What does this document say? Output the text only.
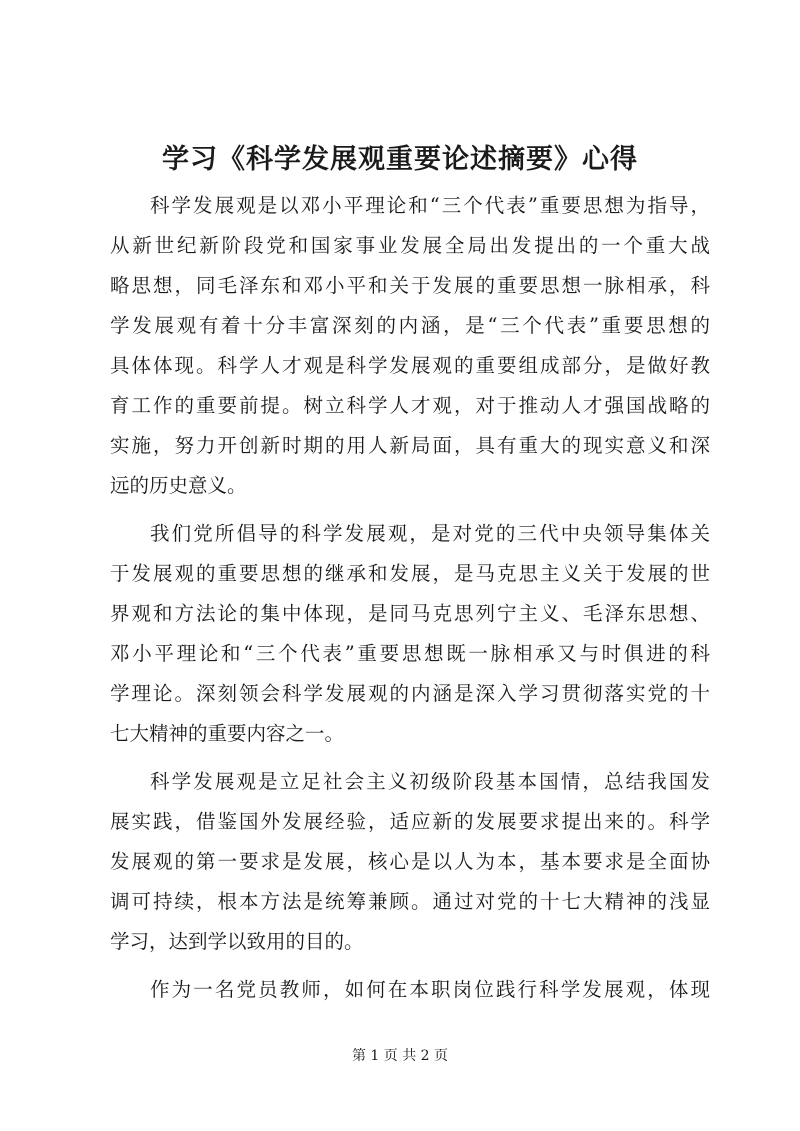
学习《科学发展观重要论述摘要》心得

科学发展观是以邓小平理论和“三个代表”重要思想为指导，
从新世纪新阶段党和国家事业发展全局出发提出的一个重大战
略思想，同毛泽东和邓小平和关于发展的重要思想一脉相承，科
学发展观有着十分丰富深刻的内涵，是“三个代表”重要思想的
具体体现。科学人才观是科学发展观的重要组成部分，是做好教
育工作的重要前提。树立科学人才观，对于推动人才强国战略的
实施，努力开创新时期的用人新局面，具有重大的现实意义和深
远的历史意义。

我们党所倡导的科学发展观，是对党的三代中央领导集体关
于发展观的重要思想的继承和发展，是马克思主义关于发展的世
界观和方法论的集中体现，是同马克思列宁主义、毛泽东思想、
邓小平理论和“三个代表”重要思想既一脉相承又与时俱进的科
学理论。深刻领会科学发展观的内涵是深入学习贯彻落实党的十
七大精神的重要内容之一。

科学发展观是立足社会主义初级阶段基本国情，总结我国发
展实践，借鉴国外发展经验，适应新的发展要求提出来的。科学
发展观的第一要求是发展，核心是以人为本，基本要求是全面协
调可持续，根本方法是统筹兼顾。通过对党的十七大精神的浅显
学习，达到学以致用的目的。

作为一名党员教师，如何在本职岗位践行科学发展观，体现

第 1 页 共 2 页
